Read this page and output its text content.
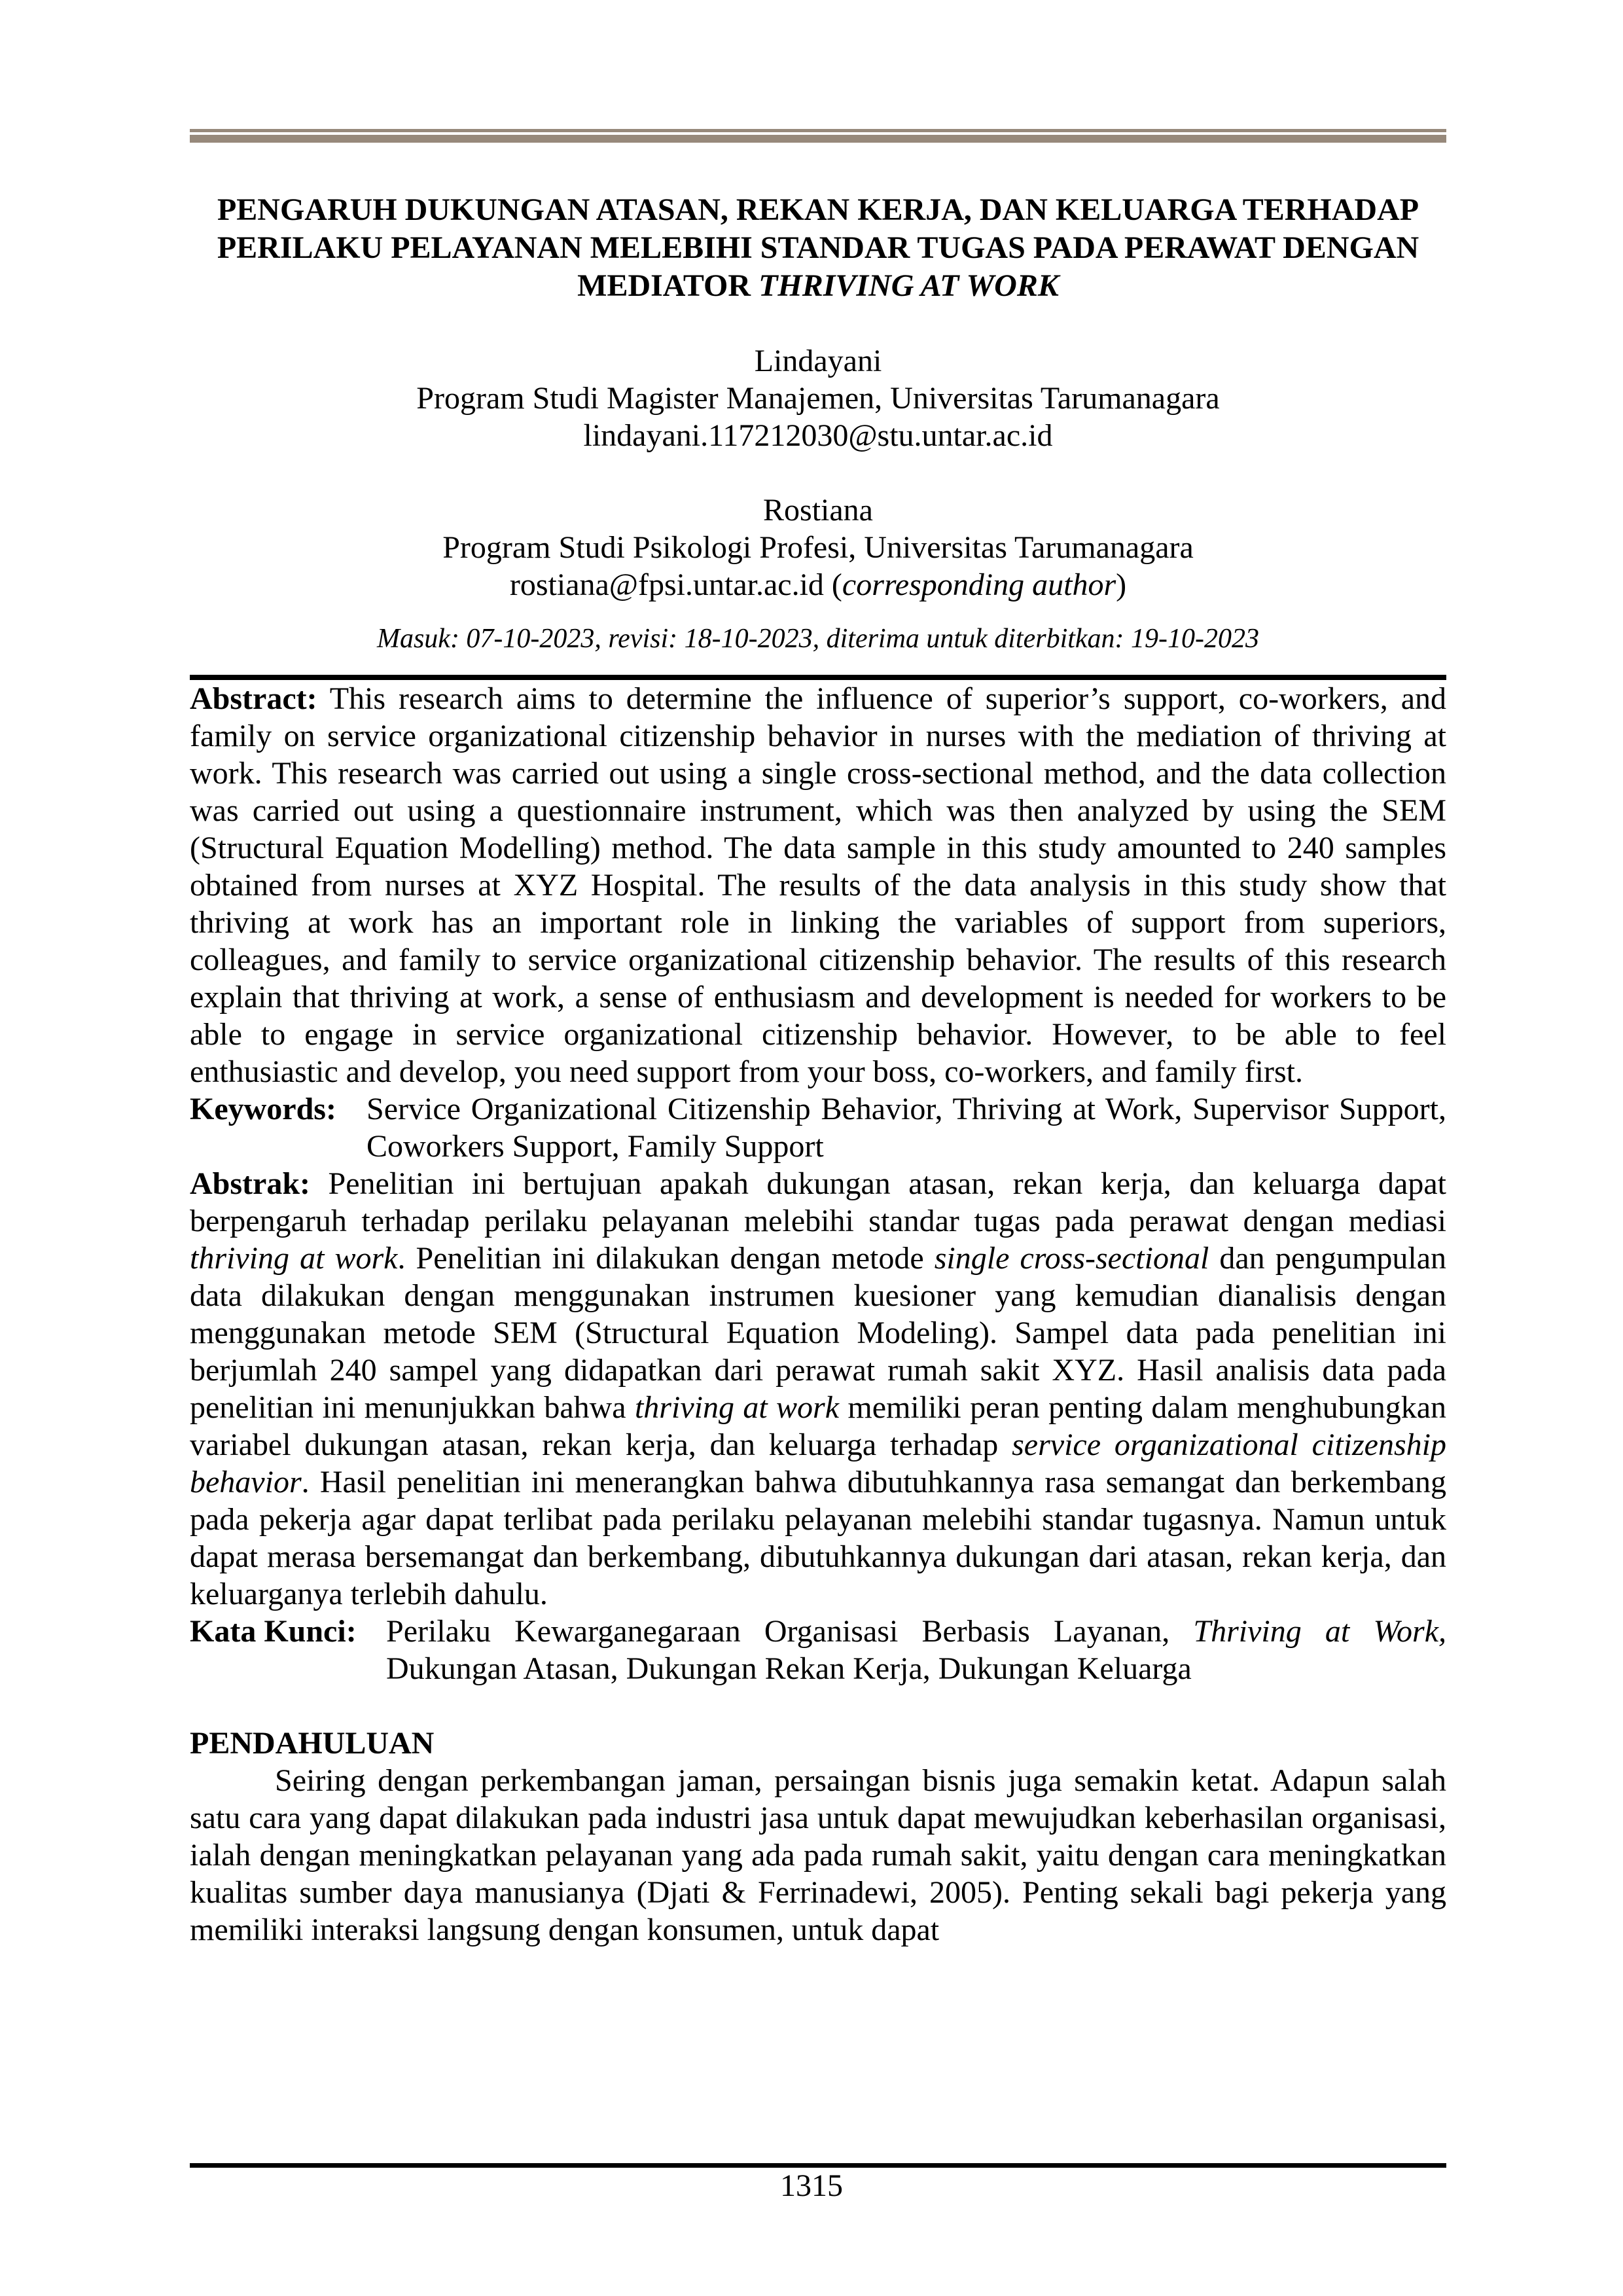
PENGARUH DUKUNGAN ATASAN, REKAN KERJA, DAN KELUARGA TERHADAP PERILAKU PELAYANAN MELEBIHI STANDAR TUGAS PADA PERAWAT DENGAN MEDIATOR THRIVING AT WORK
Lindayani
Program Studi Magister Manajemen, Universitas Tarumanagara
lindayani.117212030@stu.untar.ac.id
Rostiana
Program Studi Psikologi Profesi, Universitas Tarumanagara
rostiana@fpsi.untar.ac.id (corresponding author)
Masuk: 07-10-2023, revisi: 18-10-2023, diterima untuk diterbitkan: 19-10-2023

Abstract: This research aims to determine the influence of superior’s support, co-workers, and family on service organizational citizenship behavior in nurses with the mediation of thriving at work. This research was carried out using a single cross-sectional method, and the data collection was carried out using a questionnaire instrument, which was then analyzed by using the SEM (Structural Equation Modelling) method. The data sample in this study amounted to 240 samples obtained from nurses at XYZ Hospital. The results of the data analysis in this study show that thriving at work has an important role in linking the variables of support from superiors, colleagues, and family to service organizational citizenship behavior. The results of this research explain that thriving at work, a sense of enthusiasm and development is needed for workers to be able to engage in service organizational citizenship behavior. However, to be able to feel enthusiastic and develop, you need support from your boss, co-workers, and family first.

Keywords: Service Organizational Citizenship Behavior, Thriving at Work, Supervisor Support, Coworkers Support, Family Support

Abstrak: Penelitian ini bertujuan apakah dukungan atasan, rekan kerja, dan keluarga dapat berpengaruh terhadap perilaku pelayanan melebihi standar tugas pada perawat dengan mediasi thriving at work. Penelitian ini dilakukan dengan metode single cross-sectional dan pengumpulan data dilakukan dengan menggunakan instrumen kuesioner yang kemudian dianalisis dengan menggunakan metode SEM (Structural Equation Modeling). Sampel data pada penelitian ini berjumlah 240 sampel yang didapatkan dari perawat rumah sakit XYZ. Hasil analisis data pada penelitian ini menunjukkan bahwa thriving at work memiliki peran penting dalam menghubungkan variabel dukungan atasan, rekan kerja, dan keluarga terhadap service organizational citizenship behavior. Hasil penelitian ini menerangkan bahwa dibutuhkannya rasa semangat dan berkembang pada pekerja agar dapat terlibat pada perilaku pelayanan melebihi standar tugasnya. Namun untuk dapat merasa bersemangat dan berkembang, dibutuhkannya dukungan dari atasan, rekan kerja, dan keluarganya terlebih dahulu.

Kata Kunci: Perilaku Kewarganegaraan Organisasi Berbasis Layanan, Thriving at Work, Dukungan Atasan, Dukungan Rekan Kerja, Dukungan Keluarga

PENDAHULUAN

Seiring dengan perkembangan jaman, persaingan bisnis juga semakin ketat. Adapun salah satu cara yang dapat dilakukan pada industri jasa untuk dapat mewujudkan keberhasilan organisasi, ialah dengan meningkatkan pelayanan yang ada pada rumah sakit, yaitu dengan cara meningkatkan kualitas sumber daya manusianya (Djati & Ferrinadewi, 2005). Penting sekali bagi pekerja yang memiliki interaksi langsung dengan konsumen, untuk dapat

1315
